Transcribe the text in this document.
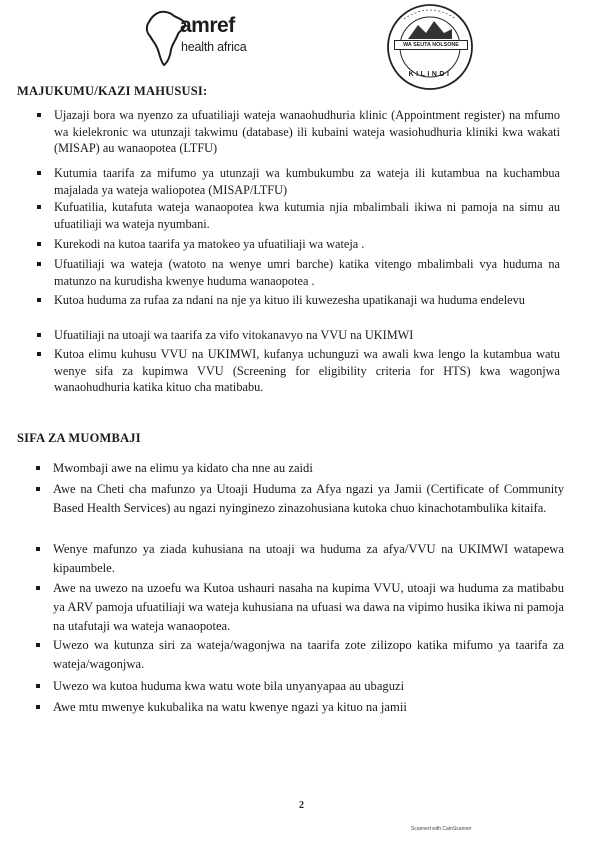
amref
health africa	WA SEUTA NOLSONE
KILINDI
MAJUKUMU/KAZI MAHUSUSI:
Ujazaji bora wa nyenzo za ufuatiliaji wateja wanaohudhuria klinic (Appointment register) na mfumo wa kielekronic wa utunzaji takwimu (database) ili kubaini wateja wasiohudhuria kliniki kwa wakati (MISAP) au wanaopotea (LTFU)
Kutumia taarifa za mifumo ya utunzaji wa kumbukumbu za wateja ili kutambua na kuchambua majalada ya wateja waliopotea (MISAP/LTFU)
Kufuatilia, kutafuta wateja wanaopotea kwa kutumia njia mbalimbali ikiwa ni pamoja na simu au ufuatiliaji wa wateja nyumbani.
Kurekodi na kutoa taarifa ya matokeo ya ufuatiliaji wa wateja .
Ufuatiliaji wa wateja (watoto na wenye umri barche) katika vitengo mbalimbali vya huduma na matunzo na kurudisha kwenye huduma wanaopotea .
Kutoa huduma za rufaa za ndani na nje ya kituo ili kuwezesha upatikanaji wa huduma endelevu
Ufuatiliaji na utoaji wa taarifa za vifo vitokanavyo na VVU na UKIMWI
Kutoa elimu kuhusu VVU na UKIMWI, kufanya uchunguzi wa awali kwa lengo la kutambua watu wenye sifa za kupimwa VVU (Screening for eligibility criteria for HTS) kwa wagonjwa wanaohudhuria katika kituo cha matibabu.
SIFA ZA MUOMBAJI
Mwombaji awe na elimu ya kidato cha nne au zaidi
Awe na Cheti cha mafunzo ya Utoaji Huduma za Afya ngazi ya Jamii (Certificate of Community Based Health Services) au ngazi nyinginezo zinazohusiana kutoka chuo kinachotambulika kitaifa.
Wenye mafunzo ya ziada kuhusiana na utoaji wa huduma za afya/VVU na UKIMWI watapewa kipaumbele.
Awe na uwezo na uzoefu wa Kutoa ushauri nasaha na kupima VVU, utoaji wa huduma za matibabu ya ARV pamoja ufuatiliaji wa wateja kuhusiana na ufuasi wa dawa na vipimo husika ikiwa ni pamoja na utafutaji wa wateja wanaopotea.
Uwezo wa kutunza siri za wateja/wagonjwa na taarifa zote zilizopo katika mifumo ya taarifa za wateja/wagonjwa.
Uwezo wa kutoa huduma kwa watu wote bila unyanyapaa au ubaguzi
Awe mtu mwenye kukubalika na watu kwenye ngazi ya kituo na jamii
2
Scanned with CamScanner
